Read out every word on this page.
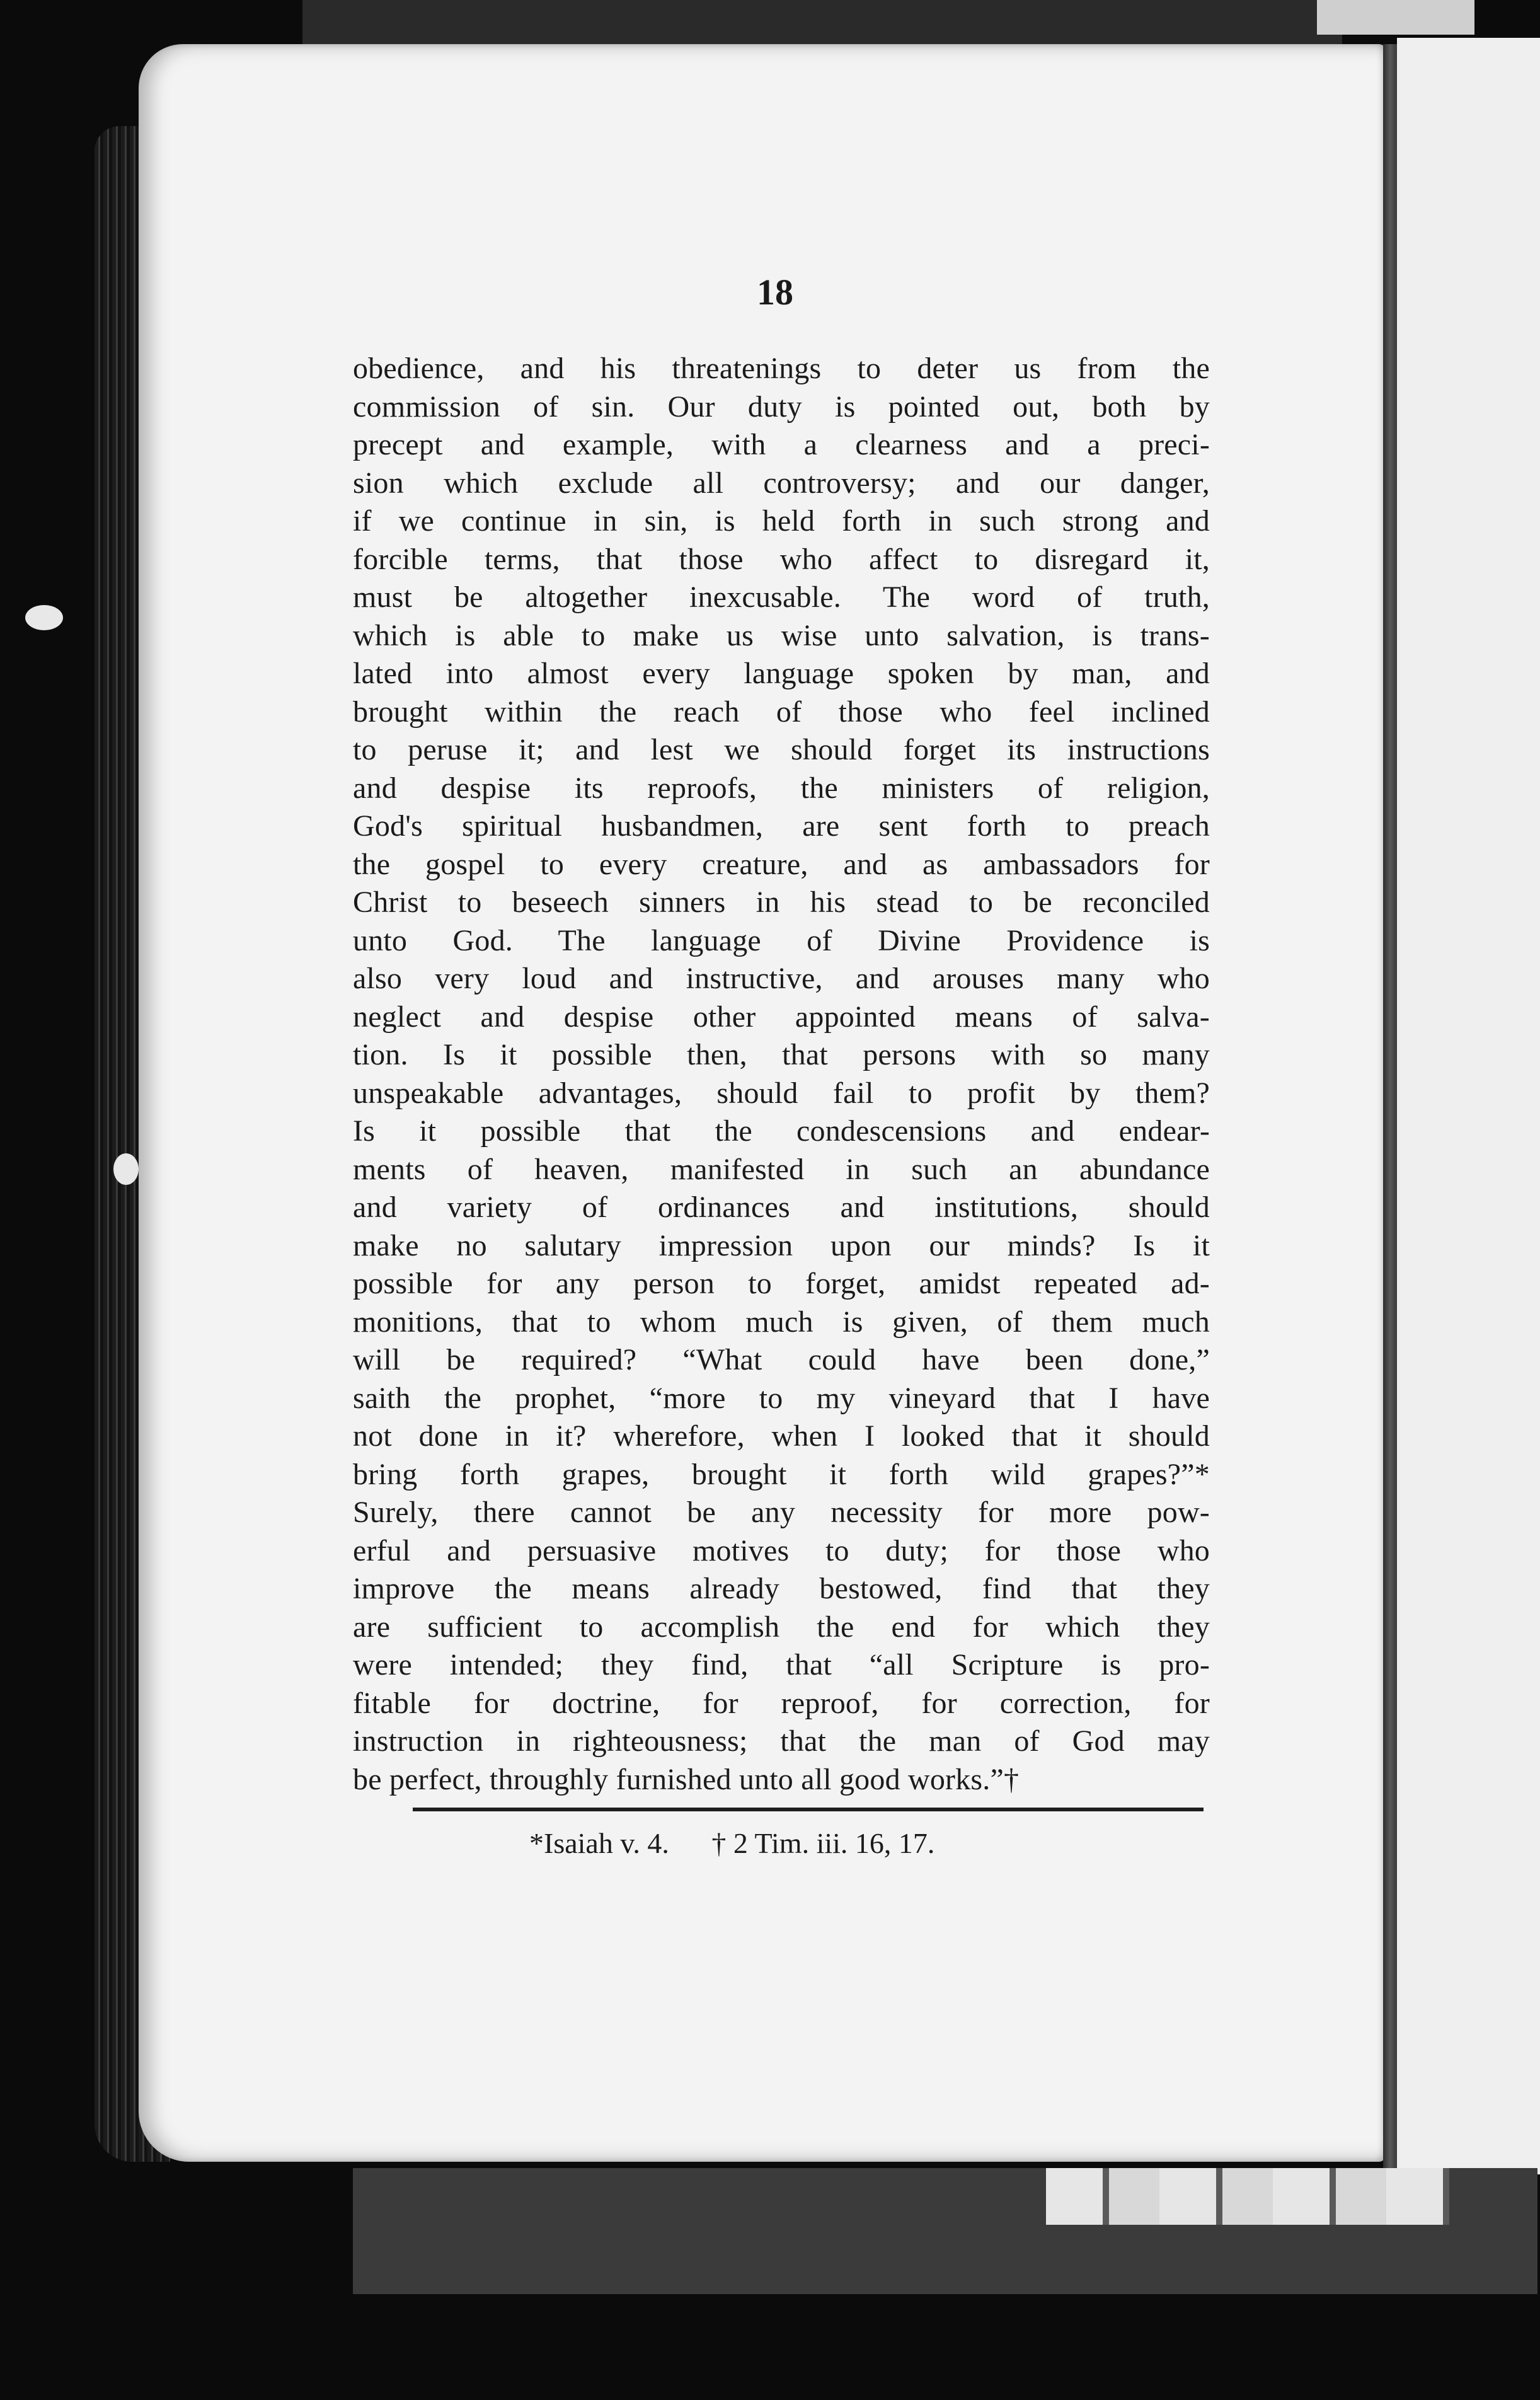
18
obedience, and his threatenings to deter us from the
commission of sin. Our duty is pointed out, both by
precept and example, with a clearness and a preci-
sion which exclude all controversy; and our danger,
if we continue in sin, is held forth in such strong and
forcible terms, that those who affect to disregard it,
must be altogether inexcusable. The word of truth,
which is able to make us wise unto salvation, is trans-
lated into almost every language spoken by man, and
brought within the reach of those who feel inclined
to peruse it; and lest we should forget its instructions
and despise its reproofs, the ministers of religion,
God's spiritual husbandmen, are sent forth to preach
the gospel to every creature, and as ambassadors for
Christ to beseech sinners in his stead to be reconciled
unto God. The language of Divine Providence is
also very loud and instructive, and arouses many who
neglect and despise other appointed means of salva-
tion. Is it possible then, that persons with so many
unspeakable advantages, should fail to profit by them?
Is it possible that the condescensions and endear-
ments of heaven, manifested in such an abundance
and variety of ordinances and institutions, should
make no salutary impression upon our minds? Is it
possible for any person to forget, amidst repeated ad-
monitions, that to whom much is given, of them much
will be required? “What could have been done,”
saith the prophet, “more to my vineyard that I have
not done in it? wherefore, when I looked that it should
bring forth grapes, brought it forth wild grapes?”*
Surely, there cannot be any necessity for more pow-
erful and persuasive motives to duty; for those who
improve the means already bestowed, find that they
are sufficient to accomplish the end for which they
were intended; they find, that “all Scripture is pro-
fitable for doctrine, for reproof, for correction, for
instruction in righteousness; that the man of God may
be perfect, throughly furnished unto all good works.”†
*Isaiah v. 4. † 2 Tim. iii. 16, 17.
